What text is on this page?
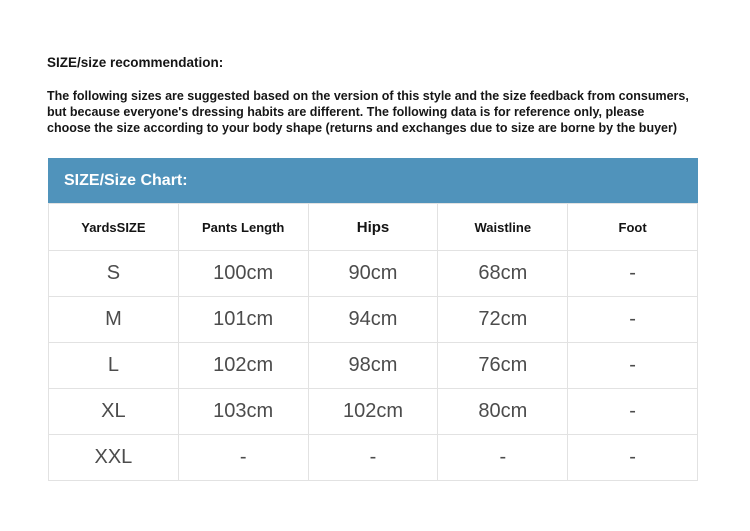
SIZE/size recommendation:
The following sizes are suggested based on the version of this style and the size feedback from consumers,
but because everyone's dressing habits are different. The following data is for reference only, please
choose the size according to your body shape (returns and exchanges due to size are borne by the buyer)
SIZE/Size Chart:
YardsSIZE	Pants Length	Hips	Waistline	Foot
S	100cm	90cm	68cm	-
M	101cm	94cm	72cm	-
L	102cm	98cm	76cm	-
XL	103cm	102cm	80cm	-
XXL	-	-	-	-
